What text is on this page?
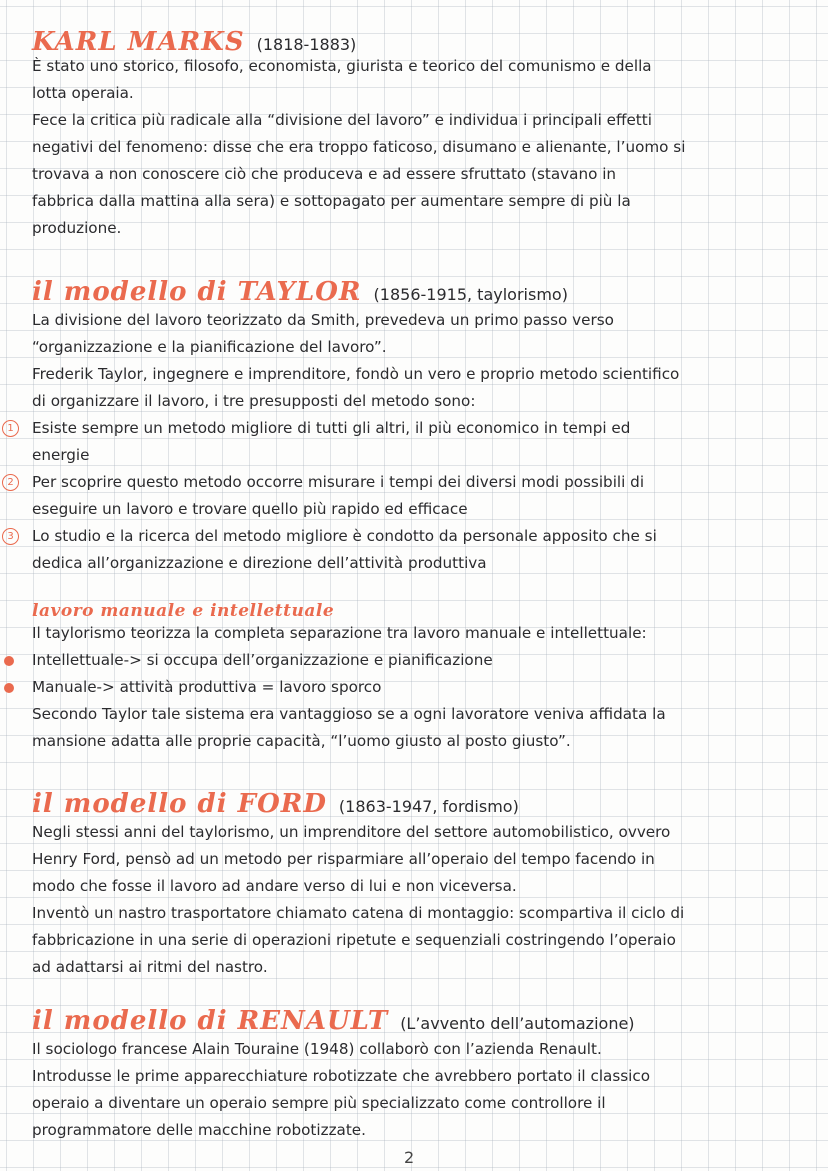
KARL MARKS (1818-1883)
È stato uno storico, filosofo, economista, giurista e teorico del comunismo e della
lotta operaia.
Fece la critica più radicale alla “divisione del lavoro” e individua i principali effetti
negativi del fenomeno: disse che era troppo faticoso, disumano e alienante, l’uomo si
trovava a non conoscere ciò che produceva e ad essere sfruttato (stavano in
fabbrica dalla mattina alla sera) e sottopagato per aumentare sempre di più la
produzione.
il modello di TAYLOR (1856-1915, taylorismo)
La divisione del lavoro teorizzato da Smith, prevedeva un primo passo verso
“organizzazione e la pianificazione del lavoro”.
Frederik Taylor, ingegnere e imprenditore, fondò un vero e proprio metodo scientifico
di organizzare il lavoro, i tre presupposti del metodo sono:
1	Esiste sempre un metodo migliore di tutti gli altri, il più economico in tempi ed
energie
2	Per scoprire questo metodo occorre misurare i tempi dei diversi modi possibili di
eseguire un lavoro e trovare quello più rapido ed efficace
3	Lo studio e la ricerca del metodo migliore è condotto da personale apposito che si
dedica all’organizzazione e direzione dell’attività produttiva
lavoro manuale e intellettuale
Il taylorismo teorizza la completa separazione tra lavoro manuale e intellettuale:
Intellettuale-> si occupa dell’organizzazione e pianificazione
Manuale-> attività produttiva = lavoro sporco
Secondo Taylor tale sistema era vantaggioso se a ogni lavoratore veniva affidata la
mansione adatta alle proprie capacità, “l’uomo giusto al posto giusto”.
il modello di FORD (1863-1947, fordismo)
Negli stessi anni del taylorismo, un imprenditore del settore automobilistico, ovvero
Henry Ford, pensò ad un metodo per risparmiare all’operaio del tempo facendo in
modo che fosse il lavoro ad andare verso di lui e non viceversa.
Inventò un nastro trasportatore chiamato catena di montaggio: scompartiva il ciclo di
fabbricazione in una serie di operazioni ripetute e sequenziali costringendo l’operaio
ad adattarsi ai ritmi del nastro.
il modello di RENAULT (L’avvento dell’automazione)
Il sociologo francese Alain Touraine (1948) collaborò con l’azienda Renault.
Introdusse le prime apparecchiature robotizzate che avrebbero portato il classico
operaio a diventare un operaio sempre più specializzato come controllore il
programmatore delle macchine robotizzate.
2
